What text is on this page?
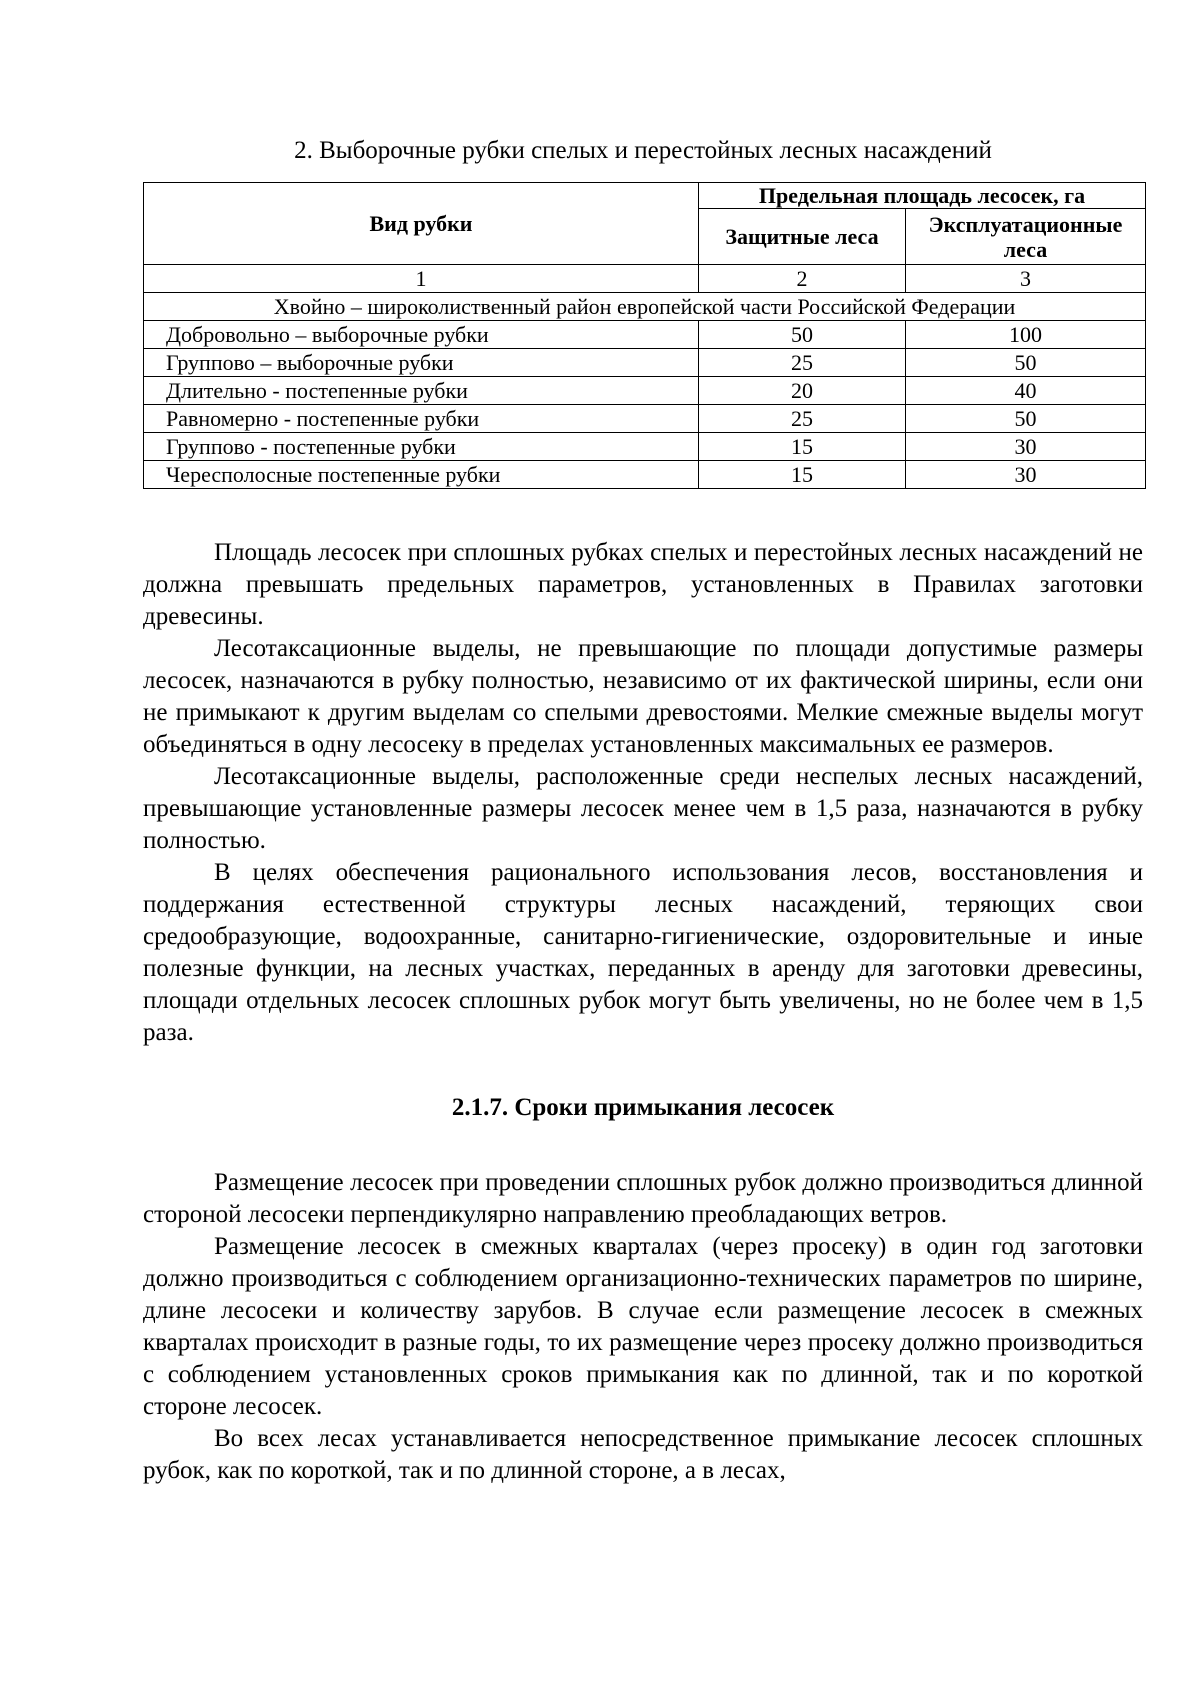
2. Выборочные рубки спелых и перестойных лесных насаждений
Вид рубки	Предельная площадь лесосек, га	
	Защитные леса	Эксплуатационные леса
1	2	3
Хвойно – широколиственный район европейской части Российской Федерации		
Добровольно – выборочные рубки	50	100
Группово – выборочные рубки	25	50
Длительно - постепенные рубки	20	40
Равномерно - постепенные рубки	25	50
Группово - постепенные рубки	15	30
Чересполосные постепенные рубки	15	30

Площадь лесосек при сплошных рубках спелых и перестойных лесных насаждений не должна превышать предельных параметров, установленных в Правилах заготовки древесины.

Лесотаксационные выделы, не превышающие по площади допустимые размеры лесосек, назначаются в рубку полностью, независимо от их фактической ширины, если они не примыкают к другим выделам со спелыми древостоями. Мелкие смежные выделы могут объединяться в одну лесосеку в пределах установленных максимальных ее размеров.

Лесотаксационные выделы, расположенные среди неспелых лесных насаждений, превышающие установленные размеры лесосек менее чем в 1,5 раза, назначаются в рубку полностью.

В целях обеспечения рационального использования лесов, восстановления и поддержания естественной структуры лесных насаждений, теряющих свои средообразующие, водоохранные, санитарно-гигиенические, оздоровительные и иные полезные функции, на лесных участках, переданных в аренду для заготовки древесины, площади отдельных лесосек сплошных рубок могут быть увеличены, но не более чем в 1,5 раза.

2.1.7. Сроки примыкания лесосек

Размещение лесосек при проведении сплошных рубок должно производиться длинной стороной лесосеки перпендикулярно направлению преобладающих ветров.

Размещение лесосек в смежных кварталах (через просеку) в один год заготовки должно производиться с соблюдением организационно-технических параметров по ширине, длине лесосеки и количеству зарубов. В случае если размещение лесосек в смежных кварталах происходит в разные годы, то их размещение через просеку должно производиться с соблюдением установленных сроков примыкания как по длинной, так и по короткой стороне лесосек.

Во всех лесах устанавливается непосредственное примыкание лесосек сплошных рубок, как по короткой, так и по длинной стороне, а в лесах,
